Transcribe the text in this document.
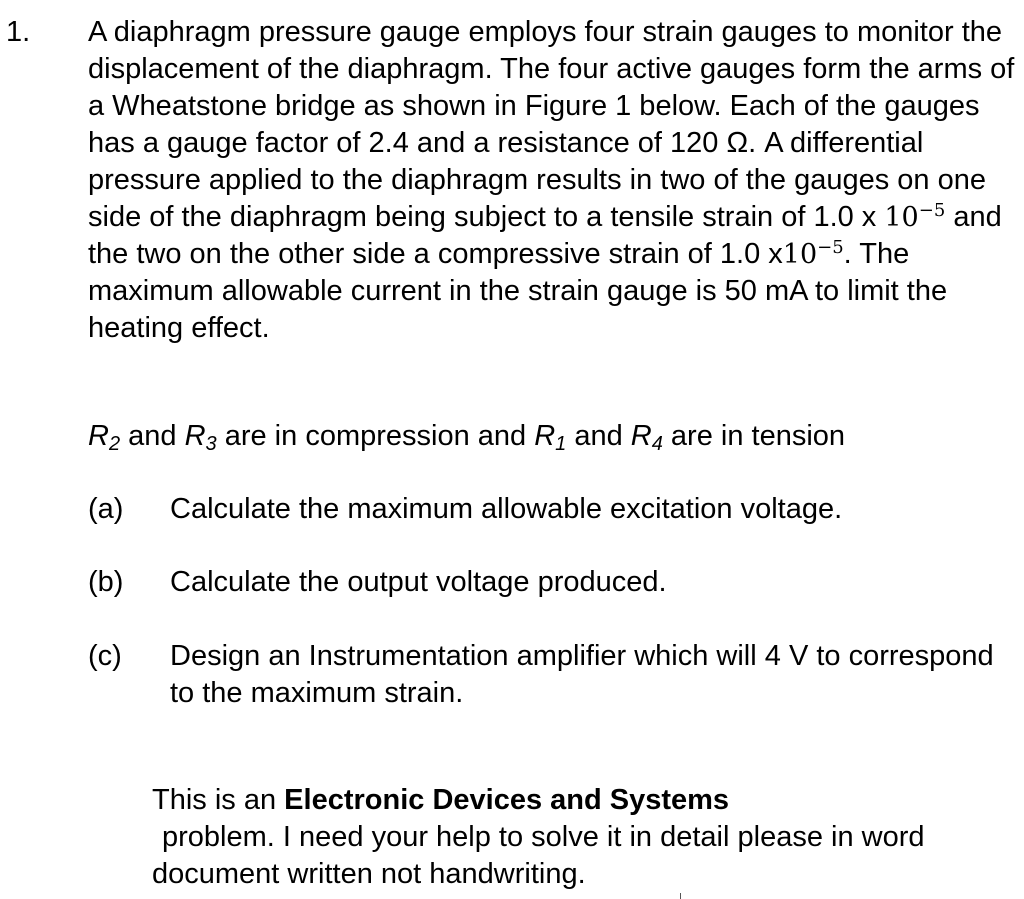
1. A diaphragm pressure gauge employs four strain gauges to monitor the displacement of the diaphragm. The four active gauges form the arms of a Wheatstone bridge as shown in Figure 1 below. Each of the gauges has a gauge factor of 2.4 and a resistance of 120 Ω. A differential pressure applied to the diaphragm results in two of the gauges on one side of the diaphragm being subject to a tensile strain of 1.0 x $10^{-5}$ and the two on the other side a compressive strain of 1.0 $x10^{-5}$. The maximum allowable current in the strain gauge is 50 mA to limit the heating effect.

$R_2$ and $R_3$ are in compression and $R_1$ and $R_4$ are in tension
(a) Calculate the maximum allowable excitation voltage.
(b) Calculate the output voltage produced.
(c) Design an Instrumentation amplifier which will 4 V to correspond to the maximum strain.
This is an Electronic Devices and Systems
problem. I need your help to solve it in detail please in word
document written not handwriting.
